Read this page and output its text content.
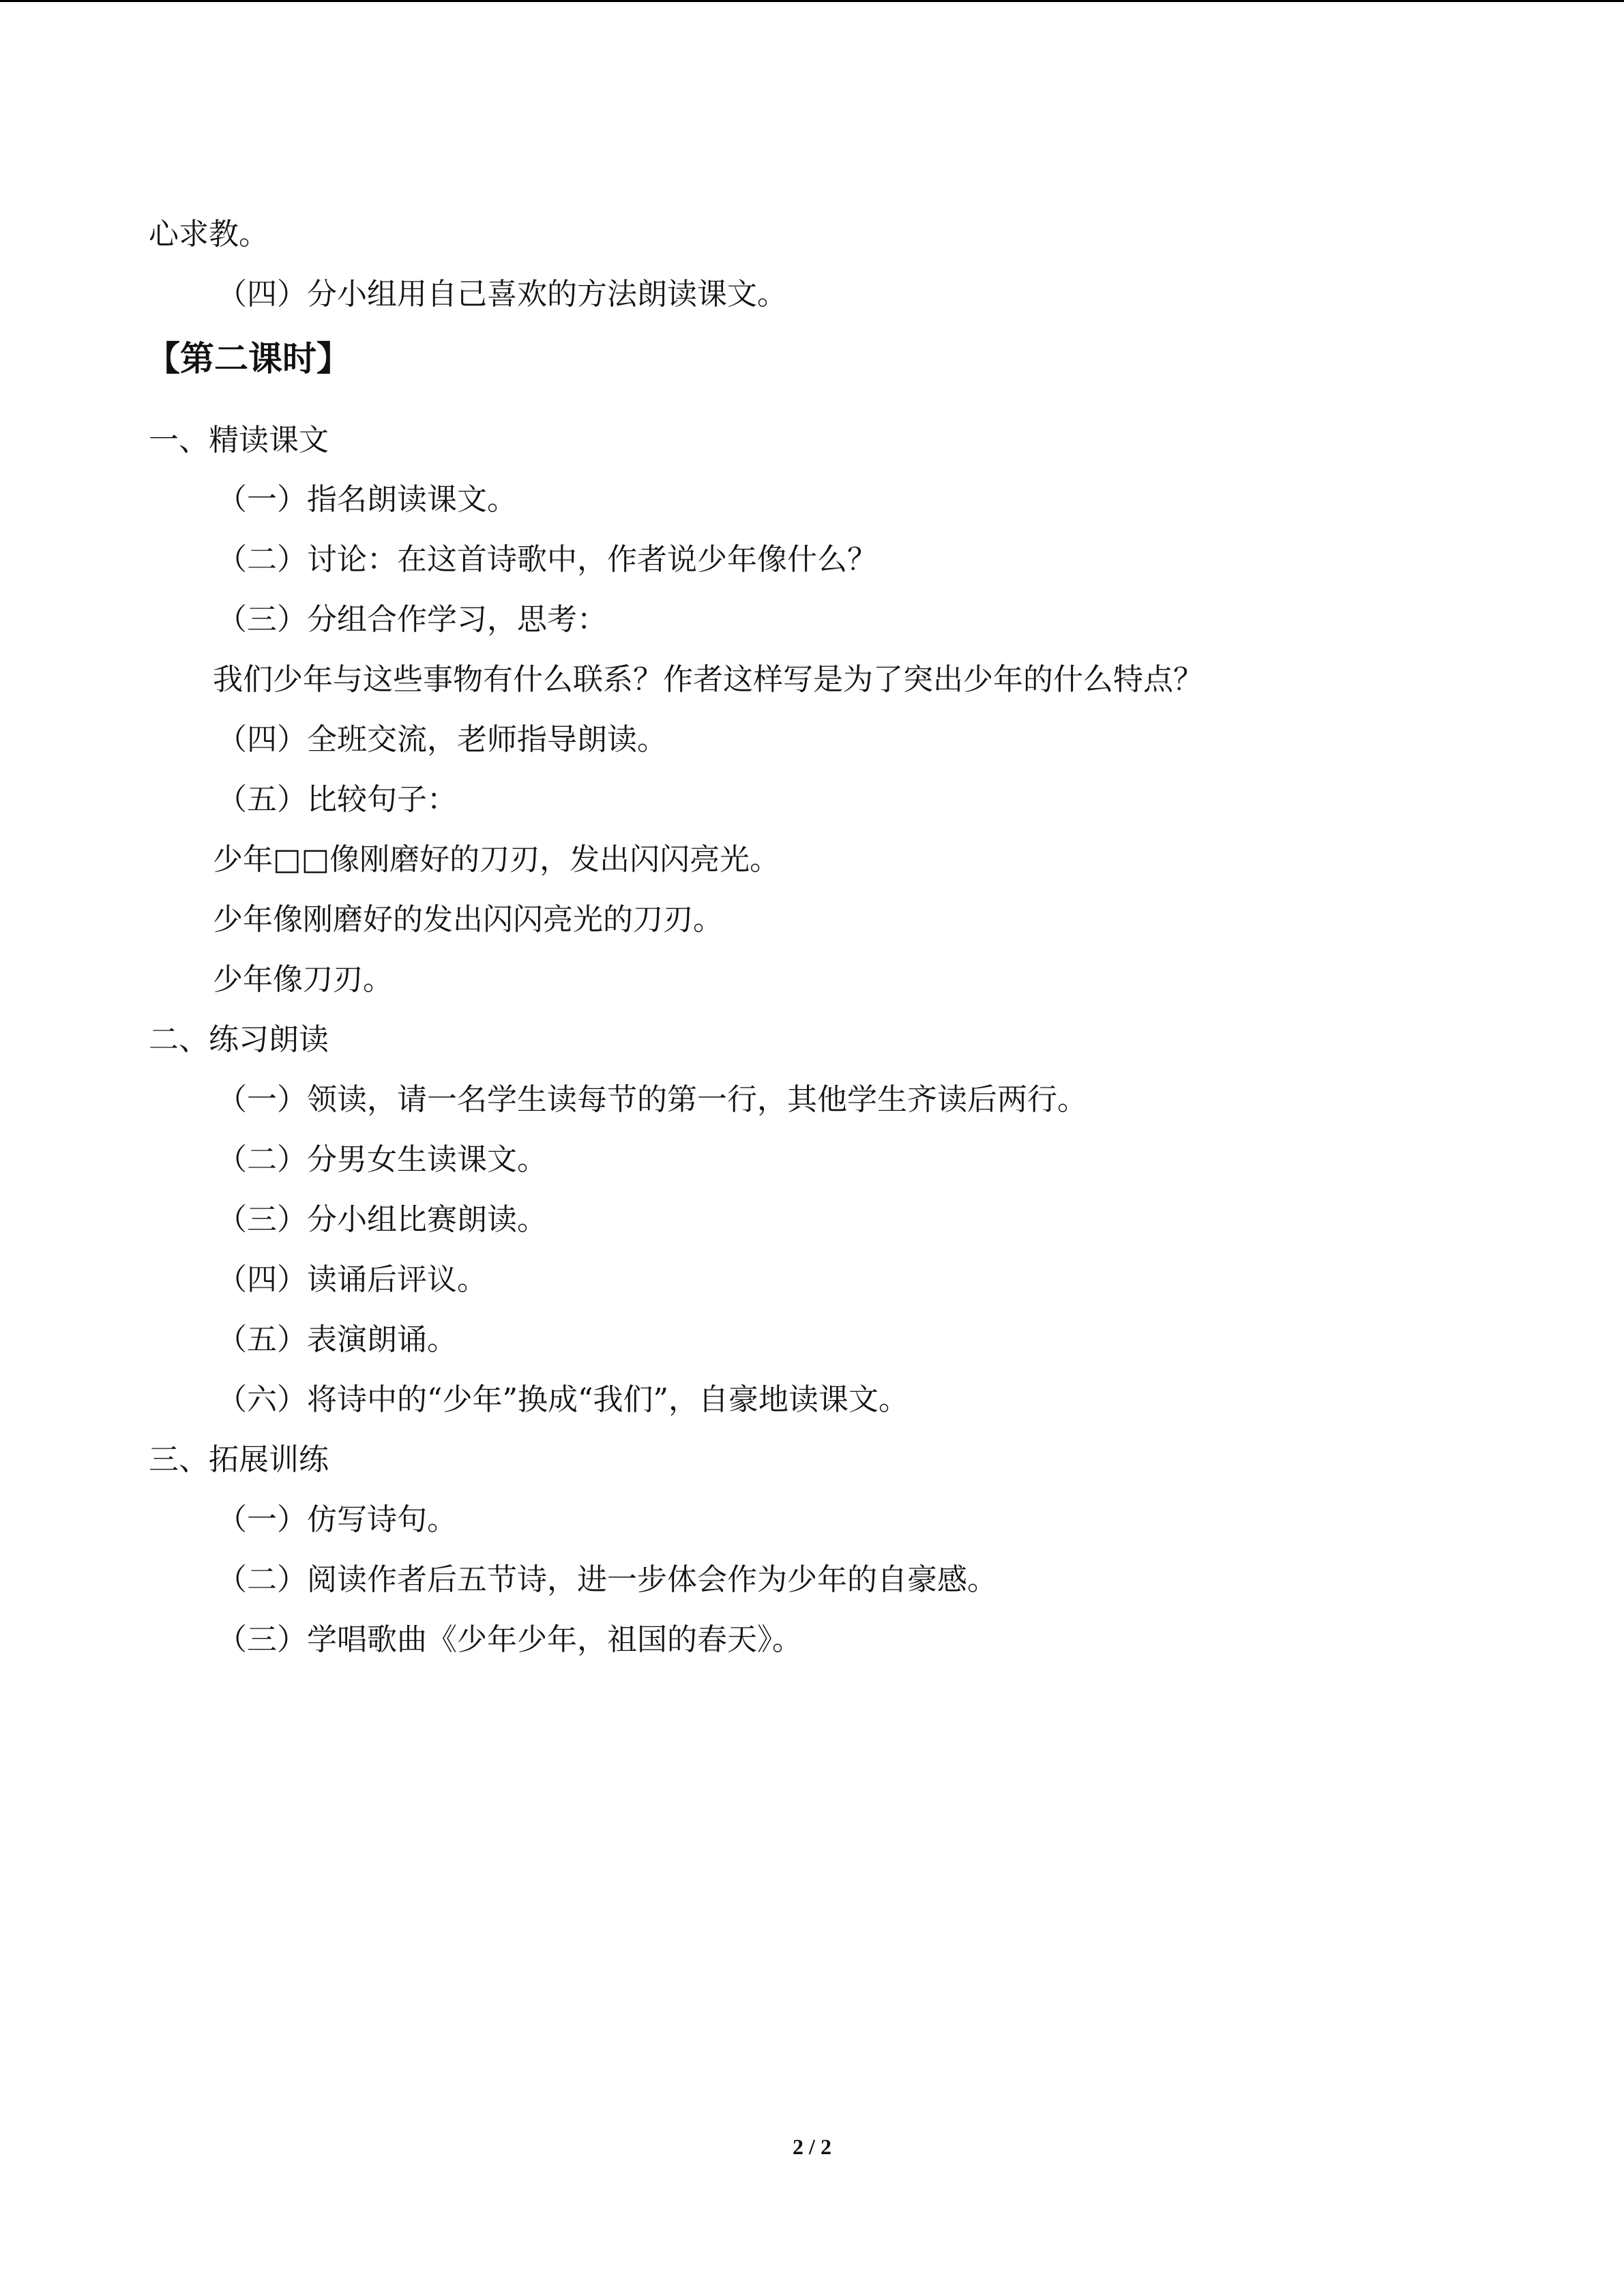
心求教。
（四）分小组用自己喜欢的方法朗读课文。
【第二课时】
一、精读课文
（一）指名朗读课文。
（二）讨论：在这首诗歌中，作者说少年像什么？
（三）分组合作学习，思考：
我们少年与这些事物有什么联系？作者这样写是为了突出少年的什么特点？
（四）全班交流，老师指导朗读。
（五）比较句子：
少年□□像刚磨好的刀刃，发出闪闪亮光。
少年像刚磨好的发出闪闪亮光的刀刃。
少年像刀刃。
二、练习朗读
（一）领读，请一名学生读每节的第一行，其他学生齐读后两行。
（二）分男女生读课文。
（三）分小组比赛朗读。
（四）读诵后评议。
（五）表演朗诵。
（六）将诗中的“少年”换成“我们”，自豪地读课文。
三、拓展训练
（一）仿写诗句。
（二）阅读作者后五节诗，进一步体会作为少年的自豪感。
（三）学唱歌曲《少年少年，祖国的春天》。
2 / 2
